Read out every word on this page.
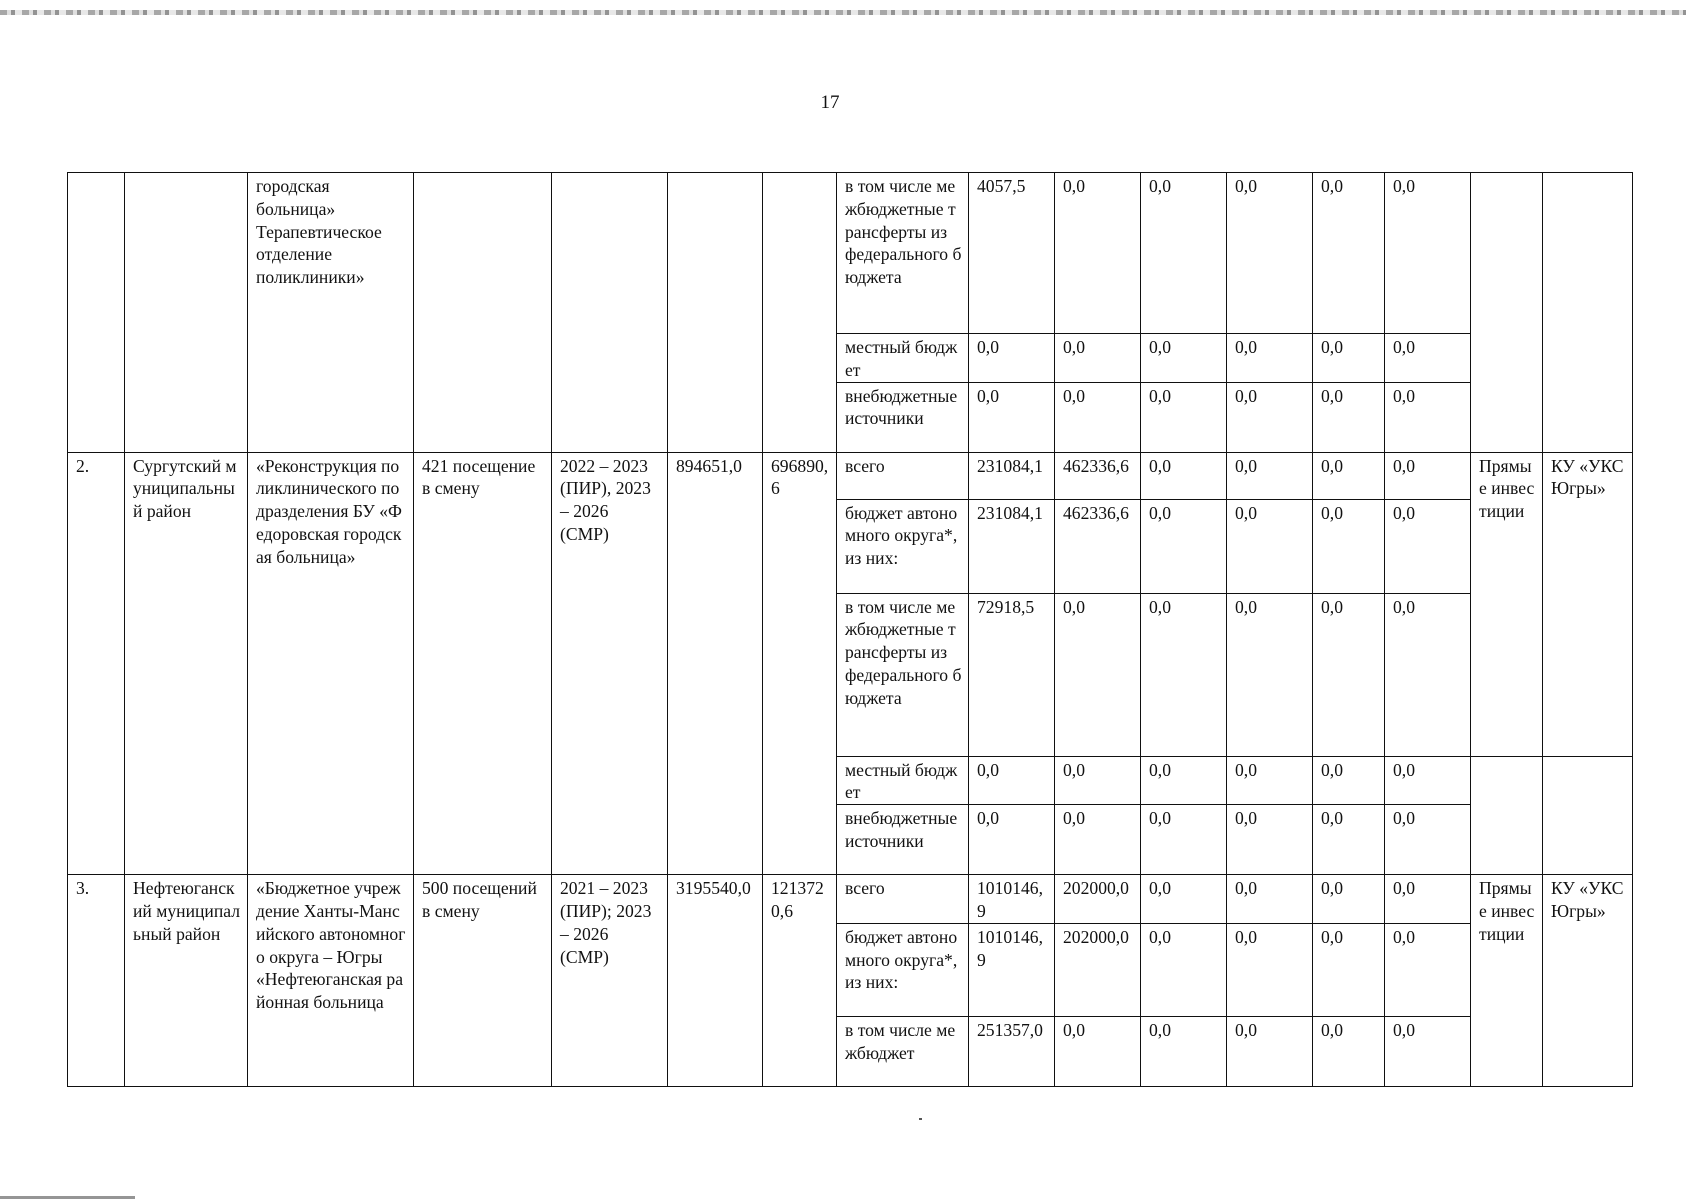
17
		городская больница» Терапевтическое отделение поликлиники»					в том числе межбюджетные трансферты из федерального бюджета	4057,5	0,0	0,0	0,0	0,0	0,0		
							местный бюджет	0,0	0,0	0,0	0,0	0,0	0,0		
							внебюджетные источники	0,0	0,0	0,0	0,0	0,0	0,0		
2.	Сургутский муниципальный район	«Реконструкция поликлинического подразделения БУ «Федоровская городская больница»	421 посещение в смену	2022 – 2023 (ПИР), 2023 – 2026 (СМР)	894651,0	696890,6	всего	231084,1	462336,6	0,0	0,0	0,0	0,0	Прямые инвестиции	КУ «УКС Югры»
							бюджет автономного округа*, из них:	231084,1	462336,6	0,0	0,0	0,0	0,0		
							в том числе межбюджетные трансферты из федерального бюджета	72918,5	0,0	0,0	0,0	0,0	0,0		
							местный бюджет	0,0	0,0	0,0	0,0	0,0	0,0		
							внебюджетные источники	0,0	0,0	0,0	0,0	0,0	0,0		
3.	Нефтеюганский муниципальный район	«Бюджетное учреждение Ханты-Мансийского автономного округа – Югры «Нефтеюганская районная больница	500 посещений в смену	2021 – 2023 (ПИР); 2023 – 2026 (СМР)	3195540,0	1213720,6	всего	1010146,9	202000,0	0,0	0,0	0,0	0,0	Прямые инвестиции	КУ «УКС Югры»
							бюджет автономного округа*, из них:	1010146,9	202000,0	0,0	0,0	0,0	0,0		
							в том числе межбюджет	251357,0	0,0	0,0	0,0	0,0	0,0		
